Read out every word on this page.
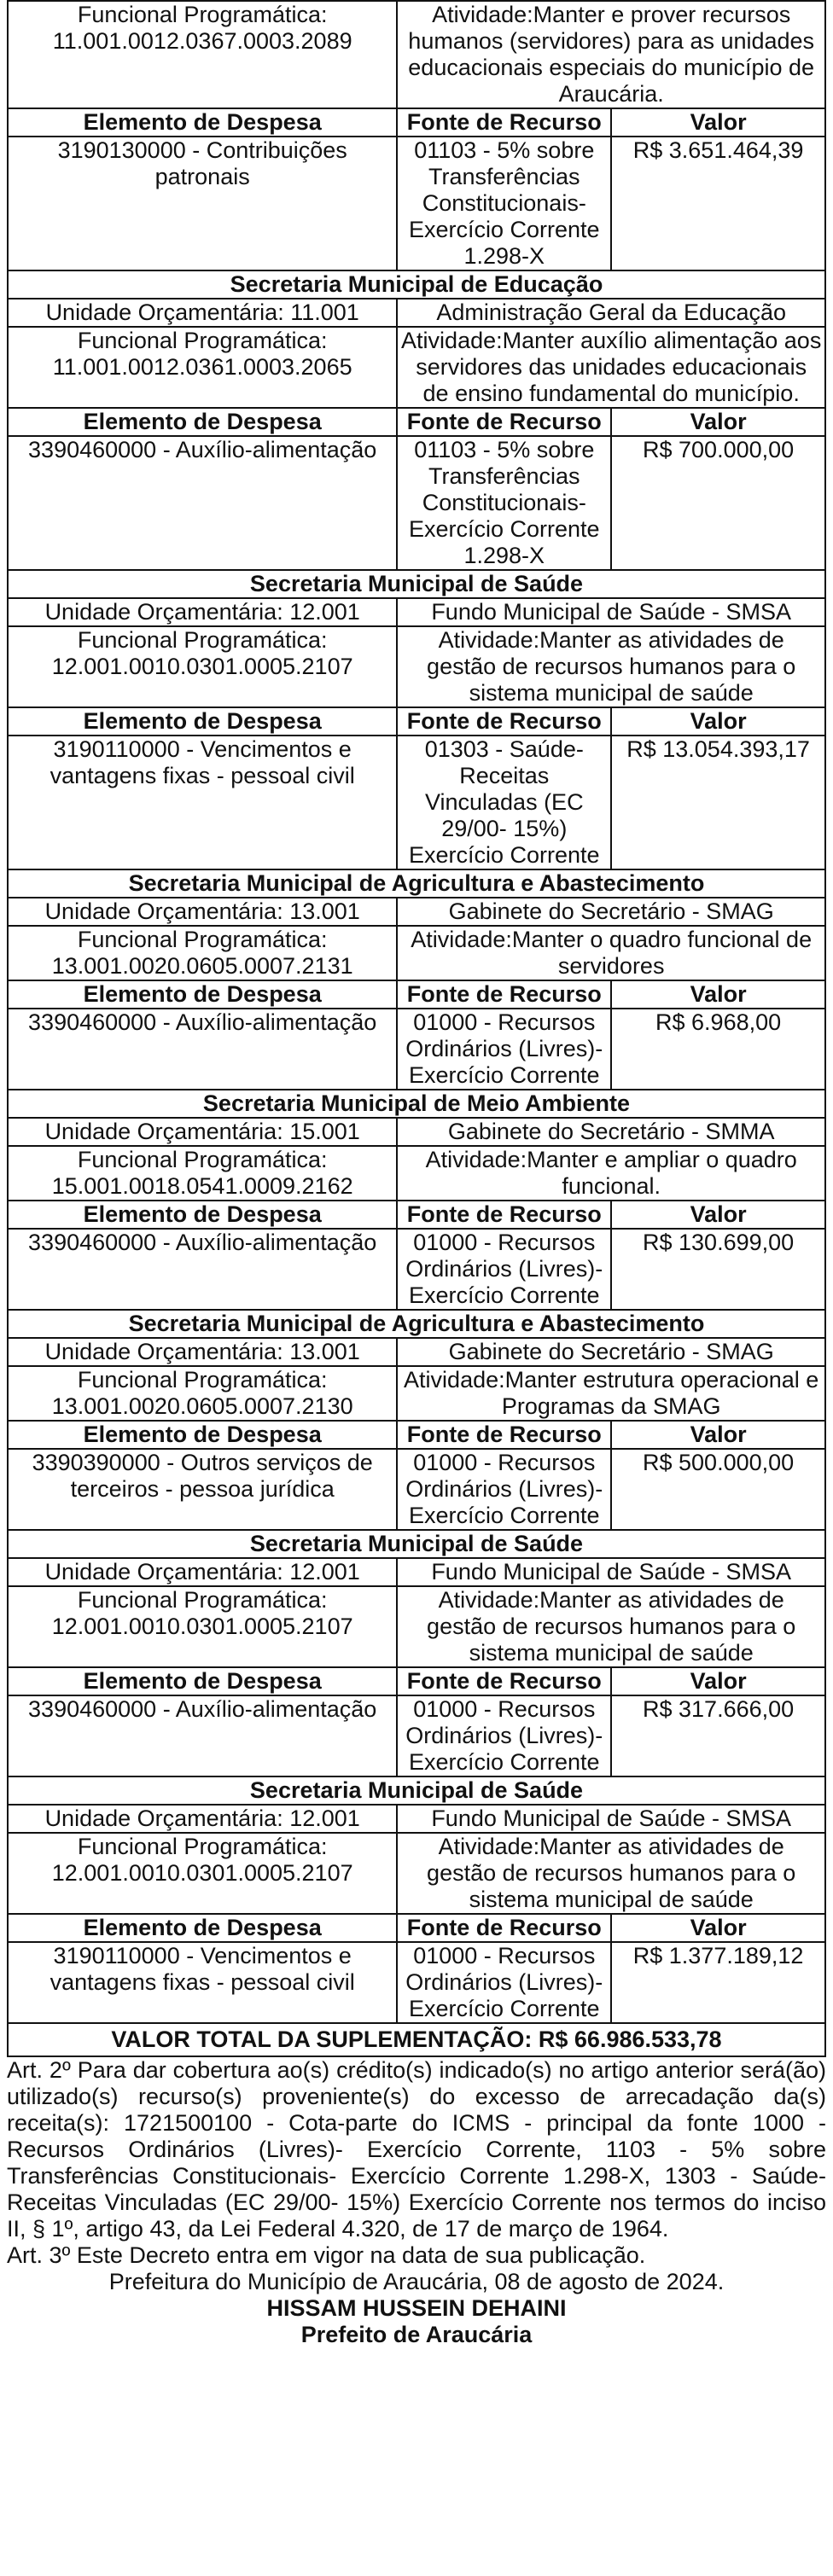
Funcional Programática: 11.001.0012.0367.0003.2089	Atividade:Manter e prover recursos humanos (servidores) para as unidades educacionais especiais do município de Araucária.	
Elemento de Despesa	Fonte de Recurso	Valor
3190130000 - Contribuições patronais	01103 - 5% sobre Transferências Constitucionais- Exercício Corrente 1.298-X	R$ 3.651.464,39
Secretaria Municipal de Educação		
Unidade Orçamentária: 11.001	Administração Geral da Educação	
Funcional Programática: 11.001.0012.0361.0003.2065	Atividade:Manter auxílio alimentação aos servidores das unidades educacionais de ensino fundamental do município.	
Elemento de Despesa	Fonte de Recurso	Valor
3390460000 - Auxílio-alimentação	01103 - 5% sobre Transferências Constitucionais- Exercício Corrente 1.298-X	R$ 700.000,00
Secretaria Municipal de Saúde		
Unidade Orçamentária: 12.001	Fundo Municipal de Saúde - SMSA	
Funcional Programática: 12.001.0010.0301.0005.2107	Atividade:Manter as atividades de gestão de recursos humanos para o sistema municipal de saúde	
Elemento de Despesa	Fonte de Recurso	Valor
3190110000 - Vencimentos e vantagens fixas - pessoal civil	01303 - Saúde- Receitas Vinculadas (EC 29/00- 15%) Exercício Corrente	R$ 13.054.393,17
Secretaria Municipal de Agricultura e Abastecimento		
Unidade Orçamentária: 13.001	Gabinete do Secretário - SMAG	
Funcional Programática: 13.001.0020.0605.0007.2131	Atividade:Manter o quadro funcional de servidores	
Elemento de Despesa	Fonte de Recurso	Valor
3390460000 - Auxílio-alimentação	01000 - Recursos Ordinários (Livres)- Exercício Corrente	R$ 6.968,00
Secretaria Municipal de Meio Ambiente		
Unidade Orçamentária: 15.001	Gabinete do Secretário - SMMA	
Funcional Programática: 15.001.0018.0541.0009.2162	Atividade:Manter e ampliar o quadro funcional.	
Elemento de Despesa	Fonte de Recurso	Valor
3390460000 - Auxílio-alimentação	01000 - Recursos Ordinários (Livres)- Exercício Corrente	R$ 130.699,00
Secretaria Municipal de Agricultura e Abastecimento		
Unidade Orçamentária: 13.001	Gabinete do Secretário - SMAG	
Funcional Programática: 13.001.0020.0605.0007.2130	Atividade:Manter estrutura operacional e Programas da SMAG	
Elemento de Despesa	Fonte de Recurso	Valor
3390390000 - Outros serviços de terceiros - pessoa jurídica	01000 - Recursos Ordinários (Livres)- Exercício Corrente	R$ 500.000,00
Secretaria Municipal de Saúde		
Unidade Orçamentária: 12.001	Fundo Municipal de Saúde - SMSA	
Funcional Programática: 12.001.0010.0301.0005.2107	Atividade:Manter as atividades de gestão de recursos humanos para o sistema municipal de saúde	
Elemento de Despesa	Fonte de Recurso	Valor
3390460000 - Auxílio-alimentação	01000 - Recursos Ordinários (Livres)- Exercício Corrente	R$ 317.666,00
Secretaria Municipal de Saúde		
Unidade Orçamentária: 12.001	Fundo Municipal de Saúde - SMSA	
Funcional Programática: 12.001.0010.0301.0005.2107	Atividade:Manter as atividades de gestão de recursos humanos para o sistema municipal de saúde	
Elemento de Despesa	Fonte de Recurso	Valor
3190110000 - Vencimentos e vantagens fixas - pessoal civil	01000 - Recursos Ordinários (Livres)- Exercício Corrente	R$ 1.377.189,12
VALOR TOTAL DA SUPLEMENTAÇÃO: R$ 66.986.533,78		

Art. 2º Para dar cobertura ao(s) crédito(s) indicado(s) no artigo anterior será(ão) utilizado(s) recurso(s) proveniente(s) do excesso de arrecadação da(s) receita(s): 1721500100 - Cota-parte do ICMS - principal da fonte 1000 - Recursos Ordinários (Livres)- Exercício Corrente, 1103 - 5% sobre Transferências Constitucionais- Exercício Corrente 1.298-X, 1303 - Saúde- Receitas Vinculadas (EC 29/00- 15%) Exercício Corrente nos termos do inciso II, § 1º, artigo 43, da Lei Federal 4.320, de 17 de março de 1964.

Art. 3º Este Decreto entra em vigor na data de sua publicação.

Prefeitura do Município de Araucária, 08 de agosto de 2024.

HISSAM HUSSEIN DEHAINI

Prefeito de Araucária
